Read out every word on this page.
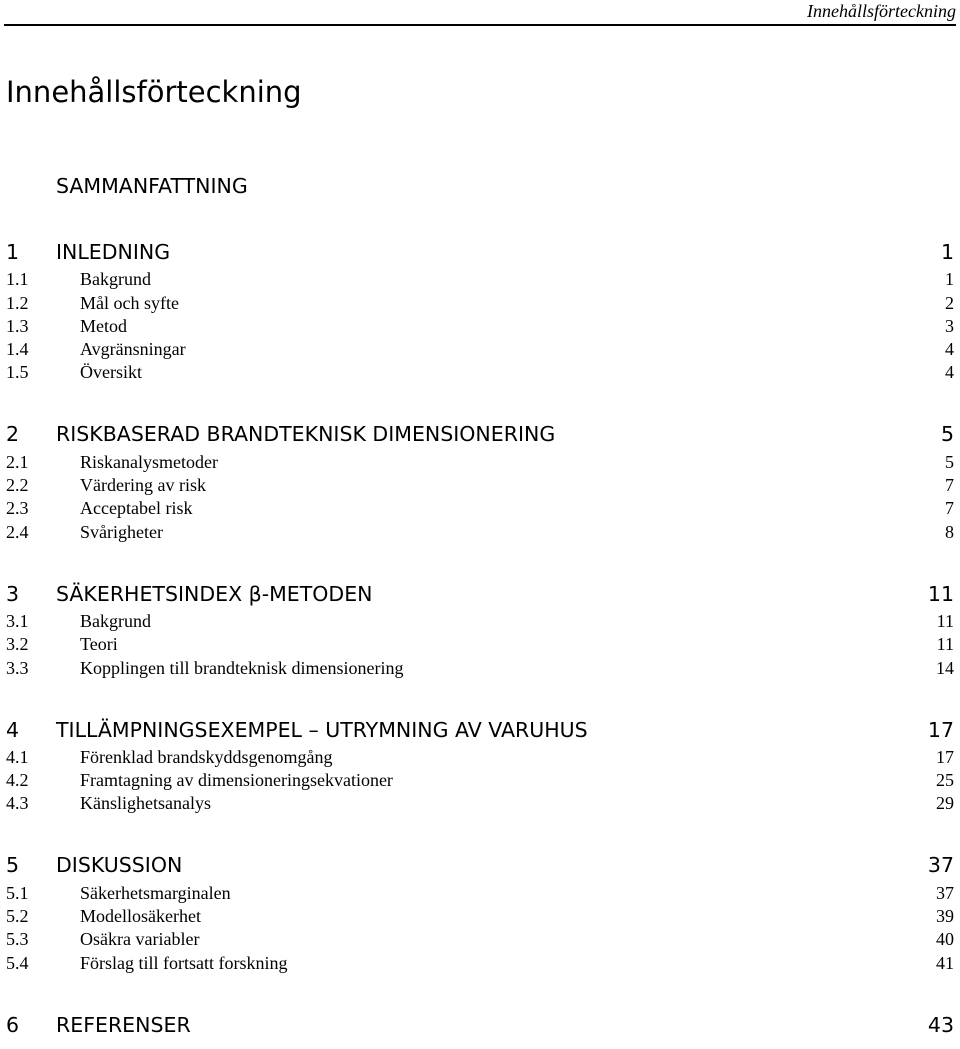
Innehållsförteckning
Innehållsförteckning
SAMMANFATTNING
1 INLEDNING	1
1.1	Bakgrund	1
1.2	Mål och syfte	2
1.3	Metod	3
1.4	Avgränsningar	4
1.5	Översikt	4
2 RISKBASERAD BRANDTEKNISK DIMENSIONERING	5
2.1	Riskanalysmetoder	5
2.2	Värdering av risk	7
2.3	Acceptabel risk	7
2.4	Svårigheter	8
3 SÄKERHETSINDEX β-METODEN	11
3.1	Bakgrund	11
3.2	Teori	11
3.3	Kopplingen till brandteknisk dimensionering	14
4 TILLÄMPNINGSEXEMPEL – UTRYMNING AV VARUHUS	17
4.1	Förenklad brandskyddsgenomgång	17
4.2	Framtagning av dimensioneringsekvationer	25
4.3	Känslighetsanalys	29
5 DISKUSSION	37
5.1	Säkerhetsmarginalen	37
5.2	Modellosäkerhet	39
5.3	Osäkra variabler	40
5.4	Förslag till fortsatt forskning	41
6 REFERENSER	43
